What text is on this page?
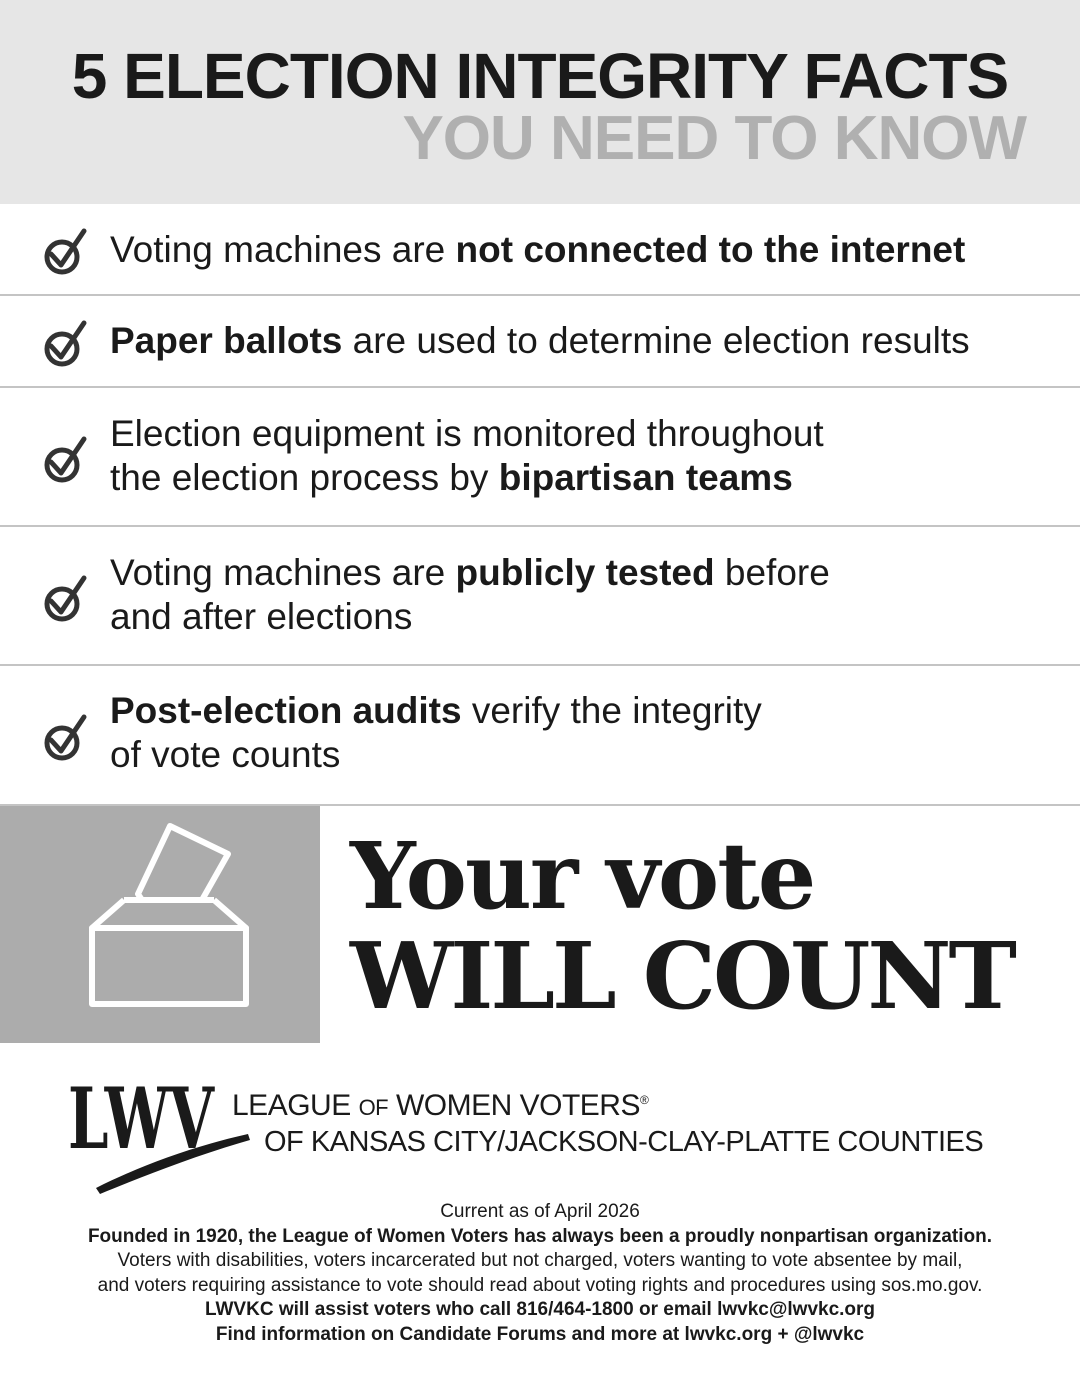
5 ELECTION INTEGRITY FACTS
YOU NEED TO KNOW
Voting machines are not connected to the internet
Paper ballots are used to determine election results
Election equipment is monitored throughout
the election process by bipartisan teams
Voting machines are publicly tested before
and after elections
Post-election audits verify the integrity
of vote counts
Your vote
WILL COUNT
LWV LEAGUE OF WOMEN VOTERS®
OF KANSAS CITY/JACKSON-CLAY-PLATTE COUNTIES
Current as of April 2026
Founded in 1920, the League of Women Voters has always been a proudly nonpartisan organization.
Voters with disabilities, voters incarcerated but not charged, voters wanting to vote absentee by mail,
and voters requiring assistance to vote should read about voting rights and procedures using sos.mo.gov.
LWVKC will assist voters who call 816/464-1800 or email lwvkc@lwvkc.org
Find information on Candidate Forums and more at lwvkc.org + @lwvkc
